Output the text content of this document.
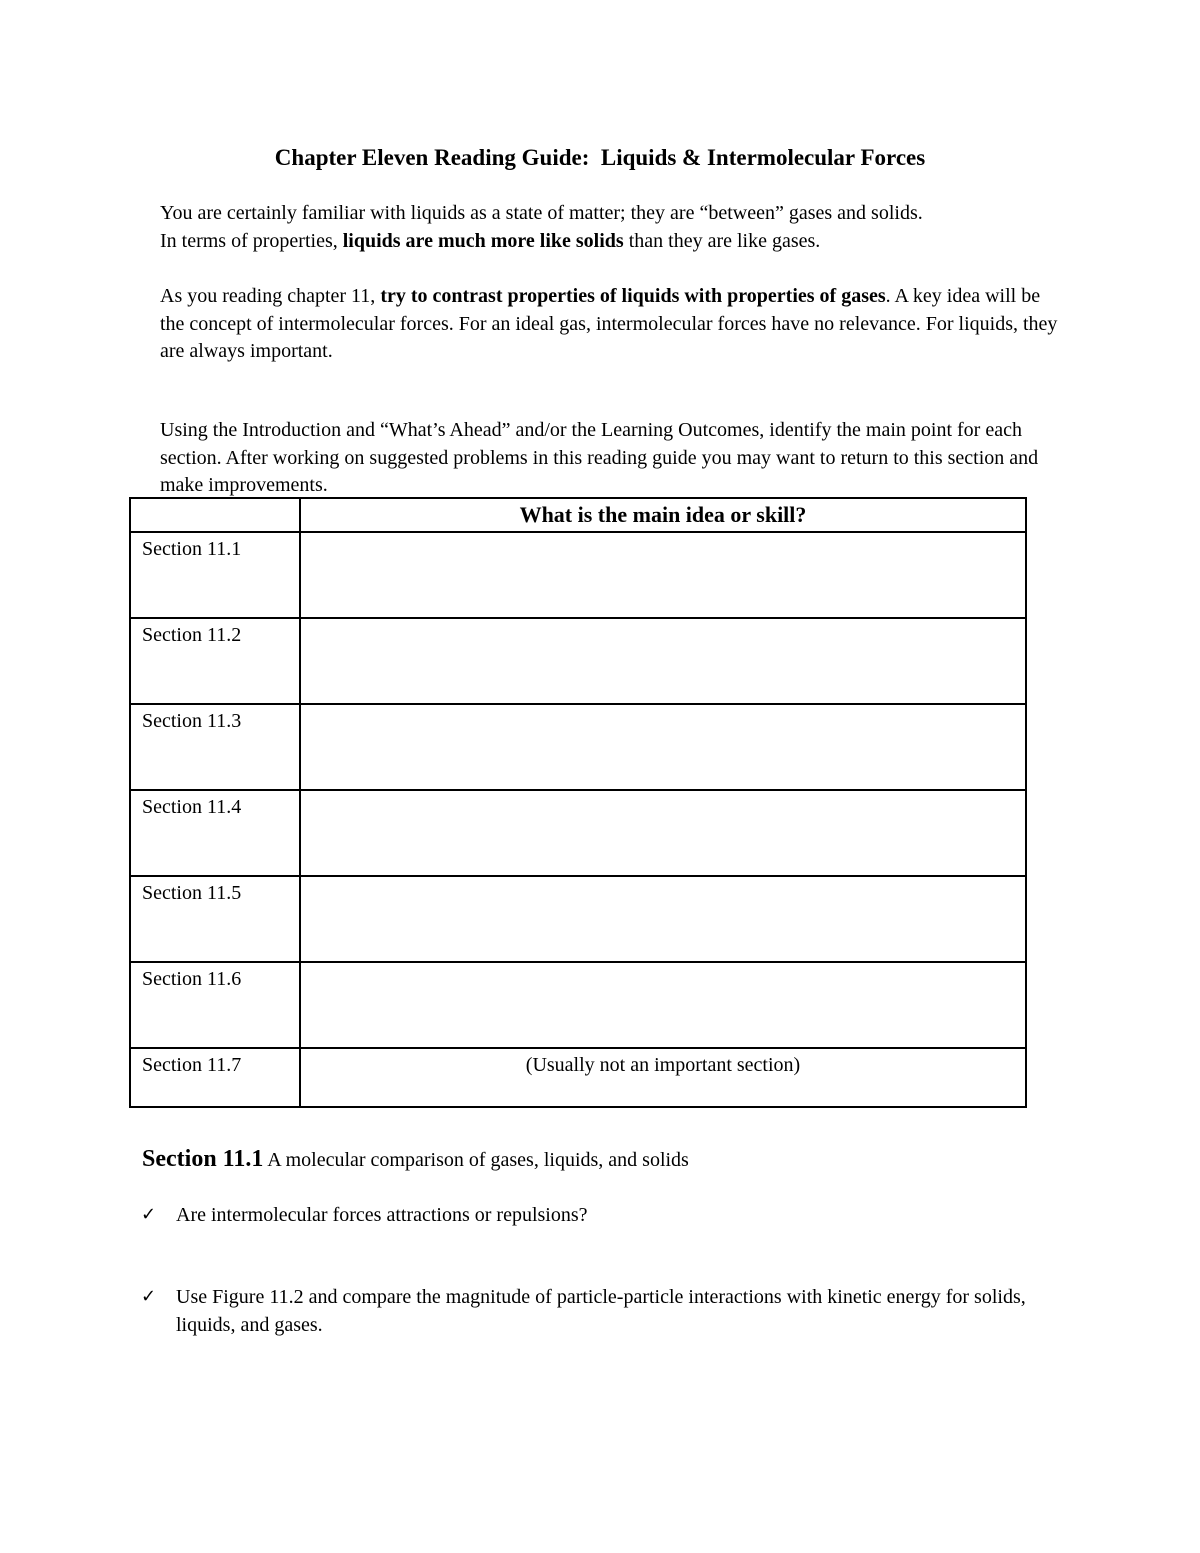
Chapter Eleven Reading Guide:  Liquids & Intermolecular Forces
You are certainly familiar with liquids as a state of matter; they are “between” gases and solids.
In terms of properties, liquids are much more like solids than they are like gases.
As you reading chapter 11, try to contrast properties of liquids with properties of gases. A key idea will be the concept of intermolecular forces. For an ideal gas, intermolecular forces have no relevance. For liquids, they are always important.
Using the Introduction and “What’s Ahead” and/or the Learning Outcomes, identify the main point for each section. After working on suggested problems in this reading guide you may want to return to this section and make improvements.
	What is the main idea or skill?
Section 11.1	
Section 11.2	
Section 11.3	
Section 11.4	
Section 11.5	
Section 11.6	
Section 11.7	(Usually not an important section)
Section 11.1 A molecular comparison of gases, liquids, and solids
✓ Are intermolecular forces attractions or repulsions?
✓ Use Figure 11.2 and compare the magnitude of particle-particle interactions with kinetic energy for solids, liquids, and gases.
